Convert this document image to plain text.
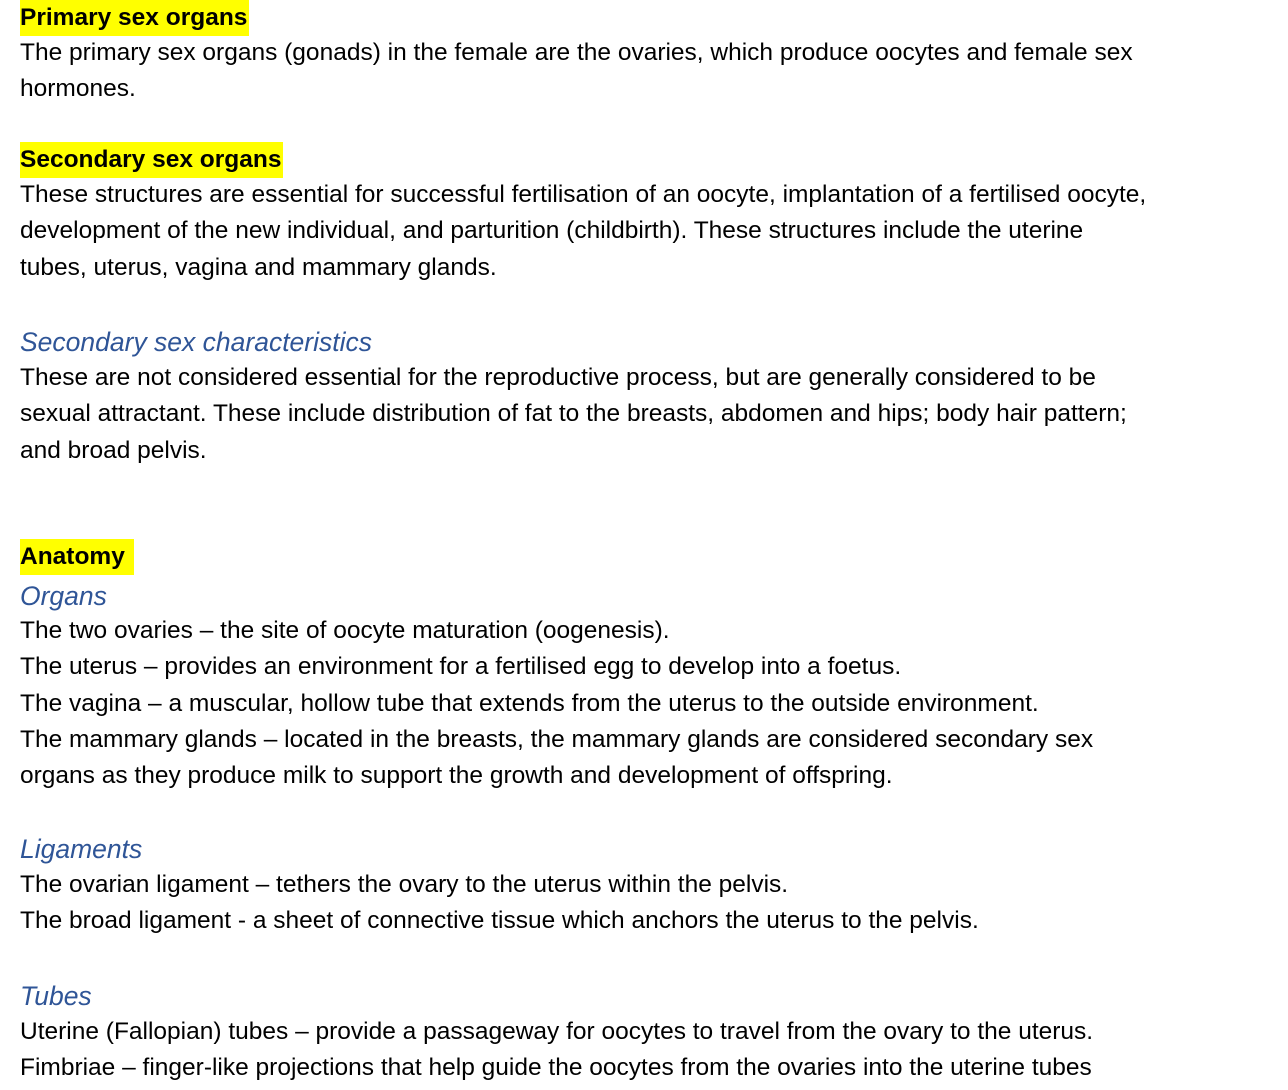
Primary sex organs

The primary sex organs (gonads) in the female are the ovaries, which produce oocytes and female sex

hormones.

Secondary sex organs

These structures are essential for successful fertilisation of an oocyte, implantation of a fertilised oocyte,

development of the new individual, and parturition (childbirth). These structures include the uterine

tubes, uterus, vagina and mammary glands.

Secondary sex characteristics

These are not considered essential for the reproductive process, but are generally considered to be

sexual attractant. These include distribution of fat to the breasts, abdomen and hips; body hair pattern;

and broad pelvis.

Anatomy
Organs

The two ovaries – the site of oocyte maturation (oogenesis).

The uterus – provides an environment for a fertilised egg to develop into a foetus.

The vagina – a muscular, hollow tube that extends from the uterus to the outside environment.

The mammary glands – located in the breasts, the mammary glands are considered secondary sex

organs as they produce milk to support the growth and development of offspring.

Ligaments

The ovarian ligament – tethers the ovary to the uterus within the pelvis.

The broad ligament - a sheet of connective tissue which anchors the uterus to the pelvis.

Tubes

Uterine (Fallopian) tubes – provide a passageway for oocytes to travel from the ovary to the uterus.

Fimbriae – finger-like projections that help guide the oocytes from the ovaries into the uterine tubes
